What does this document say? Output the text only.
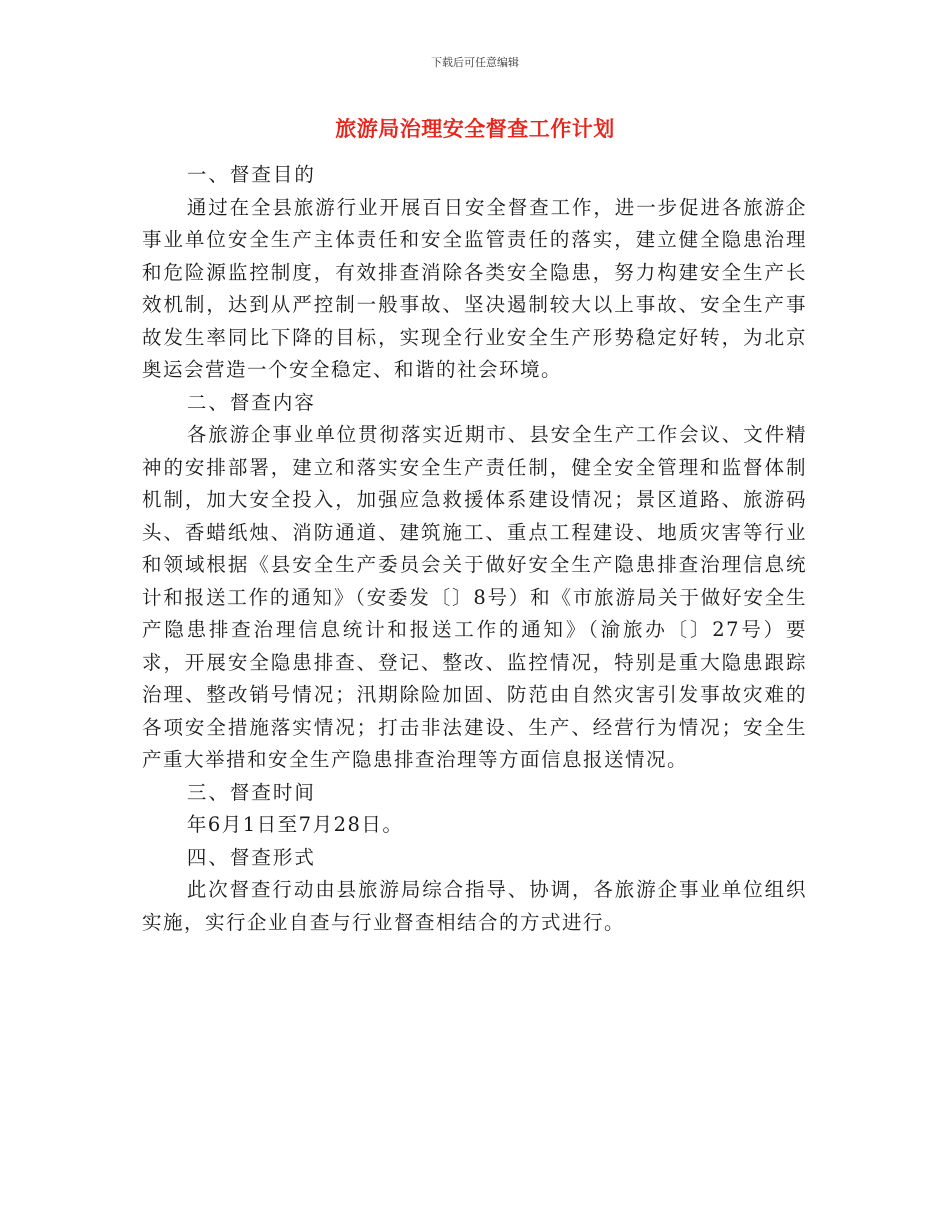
下载后可任意编辑
旅游局治理安全督查工作计划

一、督查目的

通过在全县旅游行业开展百日安全督查工作，进一步促进各旅游企事业单位安全生产主体责任和安全监管责任的落实，建立健全隐患治理和危险源监控制度，有效排查消除各类安全隐患，努力构建安全生产长效机制，达到从严控制一般事故、坚决遏制较大以上事故、安全生产事故发生率同比下降的目标，实现全行业安全生产形势稳定好转，为北京奥运会营造一个安全稳定、和谐的社会环境。

二、督查内容

各旅游企事业单位贯彻落实近期市、县安全生产工作会议、文件精神的安排部署，建立和落实安全生产责任制，健全安全管理和监督体制机制，加大安全投入，加强应急救援体系建设情况；景区道路、旅游码头、香蜡纸烛、消防通道、建筑施工、重点工程建设、地质灾害等行业和领域根据《县安全生产委员会关于做好安全生产隐患排查治理信息统计和报送工作的通知》（安委发〔〕8号）和《市旅游局关于做好安全生产隐患排查治理信息统计和报送工作的通知》（渝旅办〔〕27号）要求，开展安全隐患排查、登记、整改、监控情况，特别是重大隐患跟踪治理、整改销号情况；汛期除险加固、防范由自然灾害引发事故灾难的各项安全措施落实情况；打击非法建设、生产、经营行为情况；安全生产重大举措和安全生产隐患排查治理等方面信息报送情况。

三、督查时间

年6月1日至7月28日。

四、督查形式

此次督查行动由县旅游局综合指导、协调，各旅游企事业单位组织实施，实行企业自查与行业督查相结合的方式进行。
